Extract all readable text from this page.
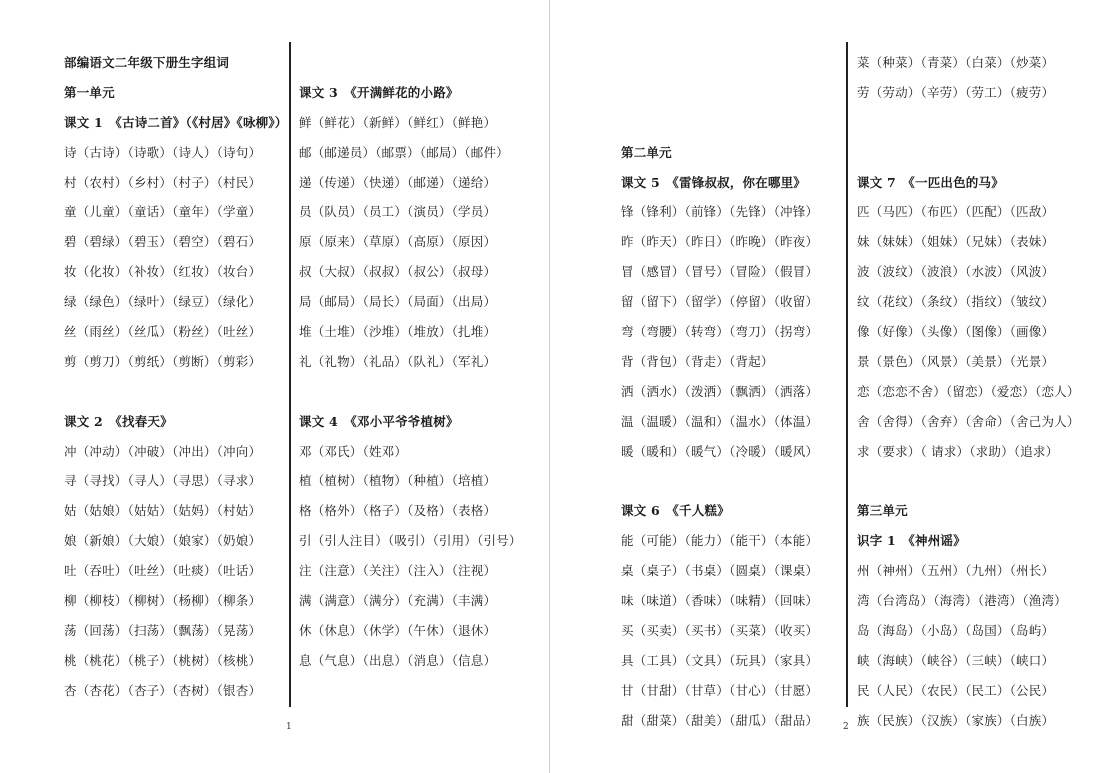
部编语文二年级下册生字组词
第一单元
课文 1　《古诗二首》（《村居》《咏柳》）
诗（古诗）（诗歌）（诗人）（诗句）
村（农村）（乡村）（村子）（村民）
童（儿童）（童话）（童年）（学童）
碧（碧绿）（碧玉）（碧空）（碧石）
妆（化妆）（补妆）（红妆）（妆台）
绿（绿色）（绿叶）（绿豆）（绿化）
丝（雨丝）（丝瓜）（粉丝）（吐丝）
剪（剪刀）（剪纸）（剪断）（剪彩）
课文 2　《找春天》
冲（冲动）（冲破）（冲出）（冲向）
寻（寻找）（寻人）（寻思）（寻求）
姑（姑娘）（姑姑）（姑妈）（村姑）
娘（新娘）（大娘）（娘家）（奶娘）
吐（吞吐）（吐丝）（吐痰）（吐话）
柳（柳枝）（柳树）（杨柳）（柳条）
荡（回荡）（扫荡）（飘荡）（晃荡）
桃（桃花）（桃子）（桃树）（核桃）
杏（杏花）（杏子）（杏树）（银杏）
课文 3　《开满鲜花的小路》
鲜（鲜花）（新鲜）（鲜红）（鲜艳）
邮（邮递员）（邮票）（邮局）（邮件）
递（传递）（快递）（邮递）（递给）
员（队员）（员工）（演员）（学员）
原（原来）（草原）（高原）（原因）
叔（大叔）（叔叔）（叔公）（叔母）
局（邮局）（局长）（局面）（出局）
堆（土堆）（沙堆）（堆放）（扎堆）
礼（礼物）（礼品）（队礼）（军礼）
课文 4　《邓小平爷爷植树》
邓（邓氏）（姓邓）
植（植树）（植物）（种植）（培植）
格（格外）（格子）（及格）（表格）
引（引人注目）（吸引）（引用）（引号）
注（注意）（关注）（注入）（注视）
满（满意）（满分）（充满）（丰满）
休（休息）（休学）（午休）（退休）
息（气息）（出息）（消息）（信息）
1
第二单元
课文 5　《雷锋叔叔，你在哪里》
锋（锋利）（前锋）（先锋）（冲锋）
昨（昨天）（昨日）（昨晚）（昨夜）
冒（感冒）（冒号）（冒险）（假冒）
留（留下）（留学）（停留）（收留）
弯（弯腰）（转弯）（弯刀）（拐弯）
背（背包）（背走）（背起）
洒（洒水）（泼洒）（飘洒）（洒落）
温（温暖）（温和）（温水）（体温）
暖（暖和）（暖气）（冷暖）（暖风）
课文 6　《千人糕》
能（可能）（能力）（能干）（本能）
桌（桌子）（书桌）（圆桌）（课桌）
味（味道）（香味）（味精）（回味）
买（买卖）（买书）（买菜）（收买）
具（工具）（文具）（玩具）（家具）
甘（甘甜）（甘草）（甘心）（甘愿）
甜（甜菜）（甜美）（甜瓜）（甜品）
菜（种菜）（青菜）（白菜）（炒菜）
劳（劳动）（辛劳）（劳工）（疲劳）
课文 7　《一匹出色的马》
匹（马匹）（布匹）（匹配）（匹敌）
妹（妹妹）（姐妹）（兄妹）（表妹）
波（波纹）（波浪）（水波）（风波）
纹（花纹）（条纹）（指纹）（皱纹）
像（好像）（头像）（图像）（画像）
景（景色）（风景）（美景）（光景）
恋（恋恋不舍）（留恋）（爱恋）（恋人）
舍（舍得）（舍弃）（舍命）（舍己为人）
求（要求）（ 请求）（求助）（追求）
第三单元
识字 1　《神州谣》
州（神州）（五州）（九州）（州长）
湾（台湾岛）（海湾）（港湾）（渔湾）
岛（海岛）（小岛）（岛国）（岛屿）
峡（海峡）（峡谷）（三峡）（峡口）
民（人民）（农民）（民工）（公民）
族（民族）（汉族）（家族）（白族）
2
